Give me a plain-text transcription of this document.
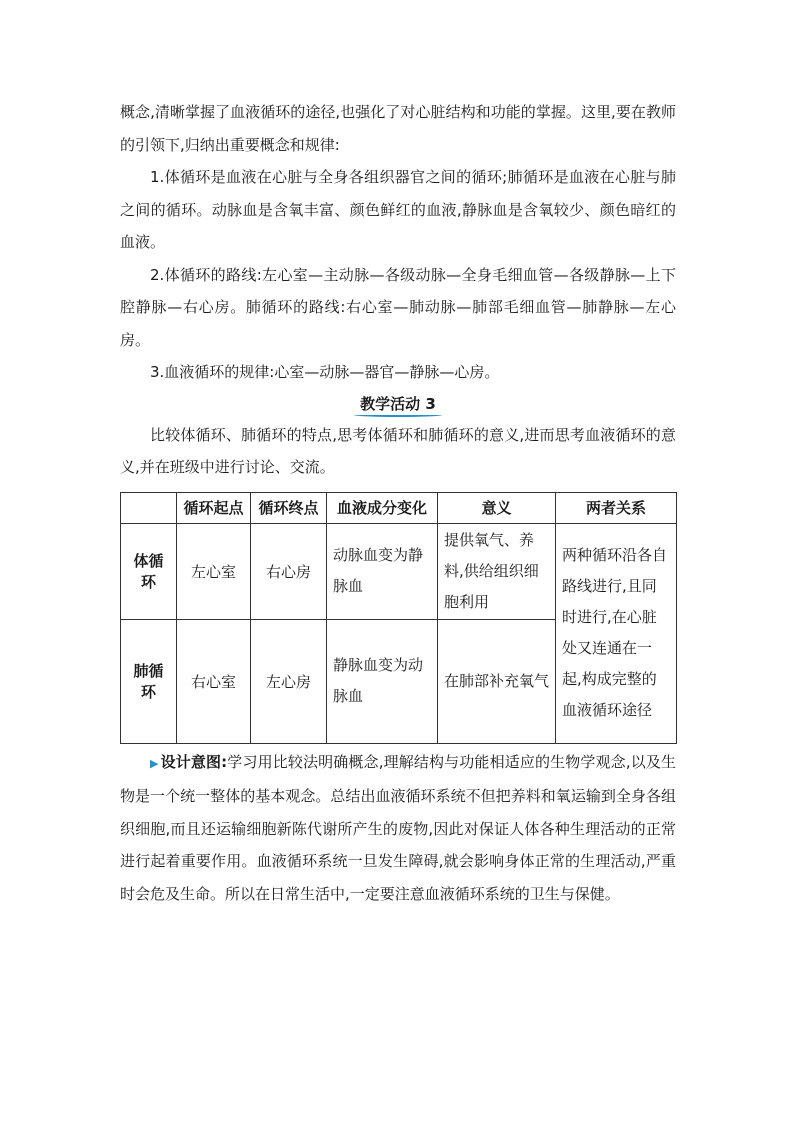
概念,清晰掌握了血液循环的途径,也强化了对心脏结构和功能的掌握。这里,要在教师的引领下,归纳出重要概念和规律:

1.体循环是血液在心脏与全身各组织器官之间的循环;肺循环是血液在心脏与肺之间的循环。动脉血是含氧丰富、颜色鲜红的血液,静脉血是含氧较少、颜色暗红的血液。

2.体循环的路线:左心室—主动脉—各级动脉—全身毛细血管—各级静脉—上下腔静脉—右心房。肺循环的路线:右心室—肺动脉—肺部毛细血管—肺静脉—左心房。

3.血液循环的规律:心室—动脉—器官—静脉—心房。

教学活动 3

比较体循环、肺循环的特点,思考体循环和肺循环的意义,进而思考血液循环的意义,并在班级中进行讨论、交流。

	循环起点	循环终点	血液成分变化	意义	两者关系
体循环	左心室	右心房	动脉血变为静脉血	提供氧气、养料,供给组织细胞利用	两种循环沿各自路线进行,且同时进行,在心脏处又连通在一起,构成完整的血液循环途径
肺循环	右心室	左心房	静脉血变为动脉血	在肺部补充氧气	

▶ 设计意图:学习用比较法明确概念,理解结构与功能相适应的生物学观念,以及生物是一个统一整体的基本观念。总结出血液循环系统不但把养料和氧运输到全身各组织细胞,而且还运输细胞新陈代谢所产生的废物,因此对保证人体各种生理活动的正常进行起着重要作用。血液循环系统一旦发生障碍,就会影响身体正常的生理活动,严重时会危及生命。所以在日常生活中,一定要注意血液循环系统的卫生与保健。
